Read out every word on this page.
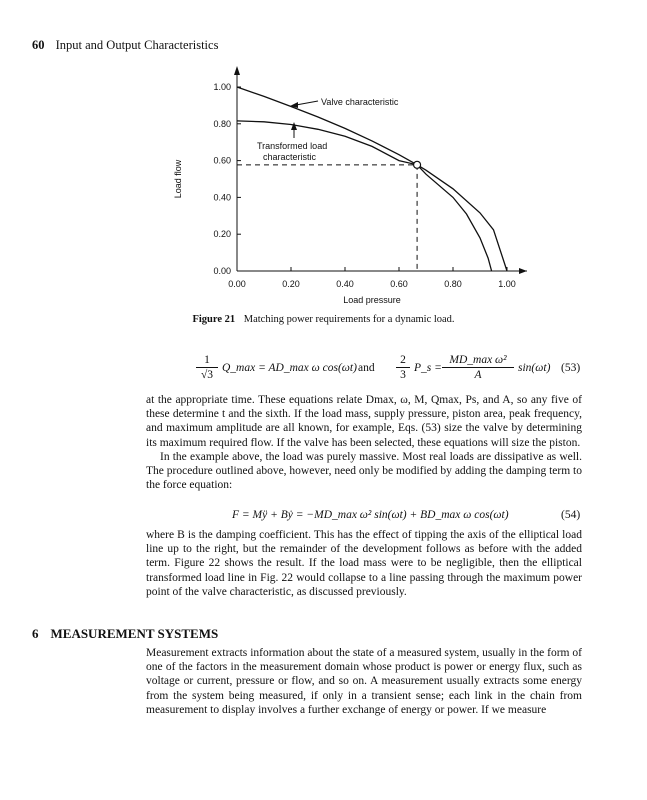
60 Input and Output Characteristics
0.00	0.20	0.40	0.60	0.80	1.00
0.00
0.20
0.40
0.60
0.80
1.00
Load pressure
Load flow
Valve characteristic
Transformed load
characteristic
Figure 21 Matching power requirements for a dynamic load.
$\frac{1}{√3}$ Q_max = AD_max ω cos(ωt) and $\frac{2}{3}$ P_s =
MD_max ω²
A
sin(ωt) (53)

at the appropriate time. These equations relate Dmax, ω, M, Qmax, Ps, and A, so any five of these determine t and the sixth. If the load mass, supply pressure, piston area, peak frequency, and maximum amplitude are all known, for example, Eqs. (53) size the valve by determining its maximum required flow. If the valve has been selected, these equations will size the piston.

In the example above, the load was purely massive. Most real loads are dissipative as well. The procedure outlined above, however, need only be modified by adding the damping term to the force equation:

F = Mÿ + Bẏ = −MD_max ω² sin(ωt) + BD_max ω cos(ωt)	(54)

where B is the damping coefficient. This has the effect of tipping the axis of the elliptical load line up to the right, but the remainder of the development follows as before with the added term. Figure 22 shows the result. If the load mass were to be negligible, then the elliptical transformed load line in Fig. 22 would collapse to a line passing through the maximum power point of the valve characteristic, as discussed previously.

6 MEASUREMENT SYSTEMS

Measurement extracts information about the state of a measured system, usually in the form of one of the factors in the measurement domain whose product is power or energy flux, such as voltage or current, pressure or flow, and so on. A measurement usually extracts some energy from the system being measured, if only in a transient sense; each link in the chain from measurement to display involves a further exchange of energy or power. If we measure
